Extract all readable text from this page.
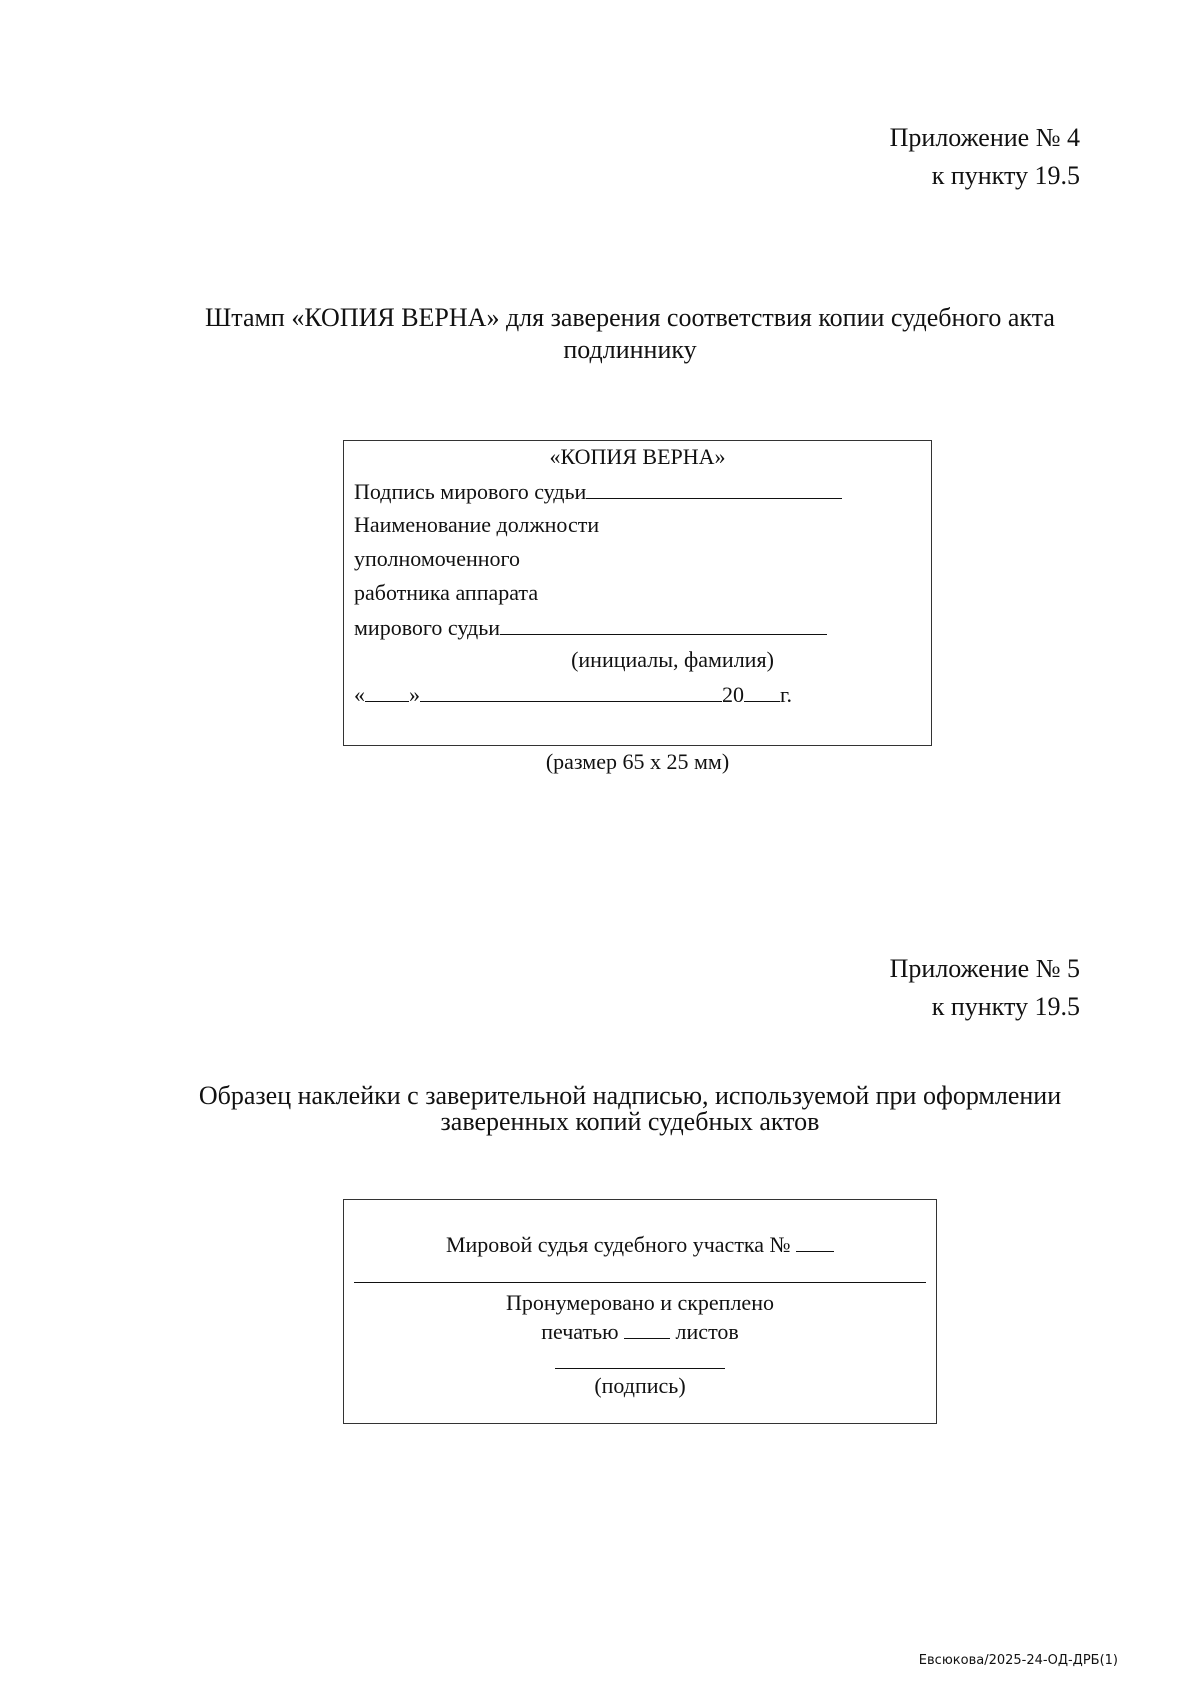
Приложение № 4
к пункту 19.5
Штамп «КОПИЯ ВЕРНА» для заверения соответствия копии судебного акта
подлиннику
«КОПИЯ ВЕРНА»
Подпись мирового судьи
Наименование должности
уполномоченного
работника аппарата
мирового судьи
(инициалы, фамилия)
« »	20 г.
(размер 65 х 25 мм)
Приложение № 5
к пункту 19.5
Образец наклейки с заверительной надписью, используемой при оформлении
заверенных копий судебных актов
Мировой судья судебного участка №
Пронумеровано и скреплено
печатью	листов
(подпись)
Евсюкова/2025-24-ОД-ДРБ(1)
